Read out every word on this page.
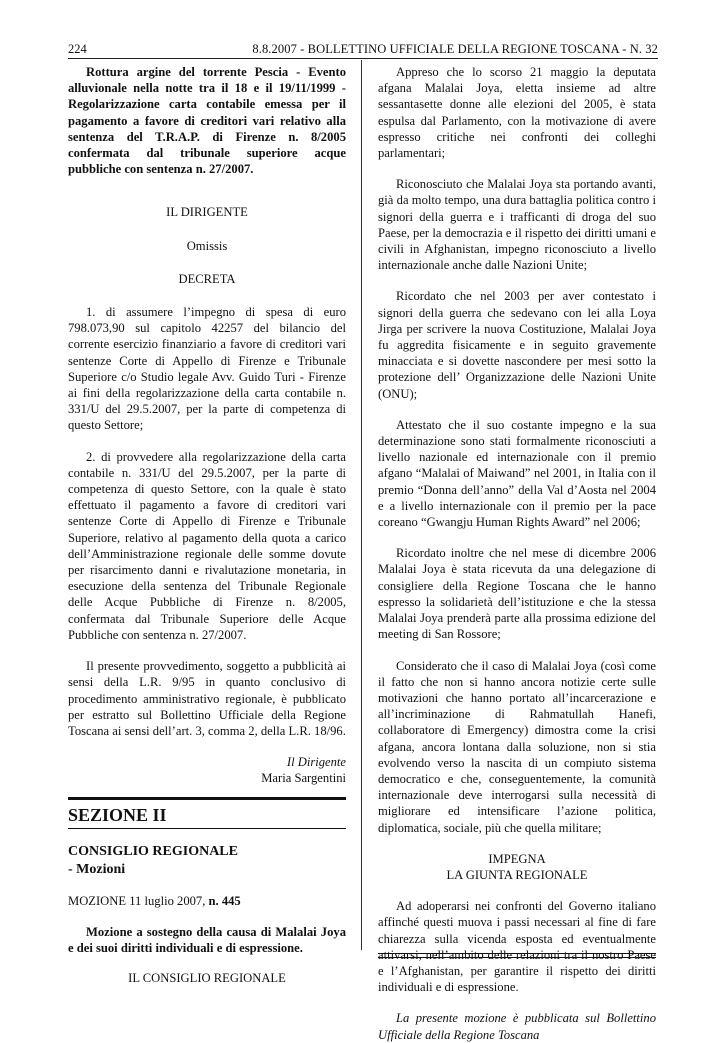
224	8.8.2007 - BOLLETTINO UFFICIALE DELLA REGIONE TOSCANA - N. 32

Rottura argine del torrente Pescia - Evento alluvionale nella notte tra il 18 e il 19/11/1999 - Regolarizzazione carta contabile emessa per il pagamento a favore di creditori vari relativo alla sentenza del T.R.A.P. di Firenze n. 8/2005 confermata dal tribunale superiore acque pubbliche con sentenza n. 27/2007.

IL DIRIGENTE

Omissis

DECRETA

1. di assumere l’impegno di spesa di euro 798.073,90 sul capitolo 42257 del bilancio del corrente esercizio finanziario a favore di creditori vari sentenze Corte di Appello di Firenze e Tribunale Superiore c/o Studio legale Avv. Guido Turi - Firenze ai fini della regolarizzazione della carta contabile n. 331/U del 29.5.2007, per la parte di competenza di questo Settore;

2. di provvedere alla regolarizzazione della carta contabile n. 331/U del 29.5.2007, per la parte di competenza di questo Settore, con la quale è stato effettuato il pagamento a favore di creditori vari sentenze Corte di Appello di Firenze e Tribunale Superiore, relativo al pagamento della quota a carico dell’Amministrazione regionale delle somme dovute per risarcimento danni e rivalutazione monetaria, in esecuzione della sentenza del Tribunale Regionale delle Acque Pubbliche di Firenze n. 8/2005, confermata dal Tribunale Superiore delle Acque Pubbliche con sentenza n. 27/2007.

Il presente provvedimento, soggetto a pubblicità ai sensi della L.R. 9/95 in quanto conclusivo di procedimento amministrativo regionale, è pubblicato per estratto sul Bollettino Ufficiale della Regione Toscana ai sensi dell’art. 3, comma 2, della L.R. 18/96.

Il Dirigente

Maria Sargentini

SEZIONE II
CONSIGLIO REGIONALE
- Mozioni

MOZIONE 11 luglio 2007, n. 445

Mozione a sostegno della causa di Malalai Joya e dei suoi diritti individuali e di espressione.

IL CONSIGLIO REGIONALE

Appreso che lo scorso 21 maggio la deputata afgana Malalai Joya, eletta insieme ad altre sessantasette donne alle elezioni del 2005, è stata espulsa dal Parlamento, con la motivazione di avere espresso critiche nei confronti dei colleghi parlamentari;

Riconosciuto che Malalai Joya sta portando avanti, già da molto tempo, una dura battaglia politica contro i signori della guerra e i trafficanti di droga del suo Paese, per la democrazia e il rispetto dei diritti umani e civili in Afghanistan, impegno riconosciuto a livello internazionale anche dalle Nazioni Unite;

Ricordato che nel 2003 per aver contestato i signori della guerra che sedevano con lei alla Loya Jirga per scrivere la nuova Costituzione, Malalai Joya fu aggredita fisicamente e in seguito gravemente minacciata e si dovette nascondere per mesi sotto la protezione dell’ Organizzazione delle Nazioni Unite (ONU);

Attestato che il suo costante impegno e la sua determinazione sono stati formalmente riconosciuti a livello nazionale ed internazionale con il premio afgano “Malalai of Maiwand” nel 2001, in Italia con il premio “Donna dell’anno” della Val d’Aosta nel 2004 e a livello internazionale con il premio per la pace coreano “Gwangju Human Rights Award” nel 2006;

Ricordato inoltre che nel mese di dicembre 2006 Malalai Joya è stata ricevuta da una delegazione di consigliere della Regione Toscana che le hanno espresso la solidarietà dell’istituzione e che la stessa Malalai Joya prenderà parte alla prossima edizione del meeting di San Rossore;

Considerato che il caso di Malalai Joya (così come il fatto che non si hanno ancora notizie certe sulle motivazioni che hanno portato all’incarcerazione e all’incriminazione di Rahmatullah Hanefi, collaboratore di Emergency) dimostra come la crisi afgana, ancora lontana dalla soluzione, non si stia evolvendo verso la nascita di un compiuto sistema democratico e che, conseguentemente, la comunità internazionale deve interrogarsi sulla necessità di migliorare ed intensificare l’azione politica, diplomatica, sociale, più che quella militare;

IMPEGNA

LA GIUNTA REGIONALE

Ad adoperarsi nei confronti del Governo italiano affinché questi muova i passi necessari al fine di fare chiarezza sulla vicenda esposta ed eventualmente attivarsi, nell’ambito delle relazioni tra il nostro Paese e l’Afghanistan, per garantire il rispetto dei diritti individuali e di espressione.

La presente mozione è pubblicata sul Bollettino Ufficiale della Regione Toscana
